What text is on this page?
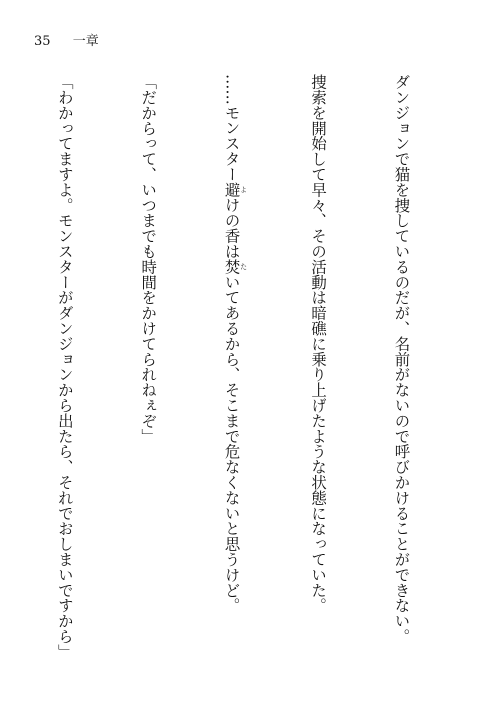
35 一章

ダンジョンで猫を捜しているのだが、名前がないので呼びかけることができない。

捜索を開始して早々、その活動は暗礁に乗り上げたような状態になっていた。

……モンスター避 よけの香は焚 たいてあるから、そこまで危なくないと思うけど。

「だからって、いつまでも時間をかけてられねぇぞ」

「わかってますよ。モンスターがダンジョンから出たら、それでおしまいですから」
